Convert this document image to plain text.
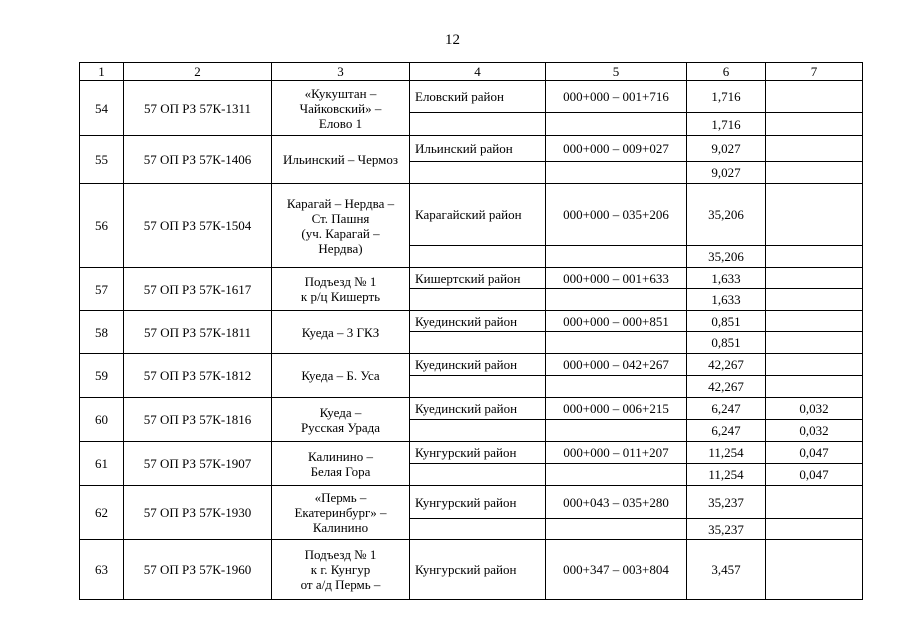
12
1	2	3	4	5	6	7
54	57 ОП РЗ 57К-1311	«Кукуштан –
Чайковский» –
Елово 1	Еловский район	000+000 – 001+716	1,716	
					1,716	
55	57 ОП РЗ 57К-1406	Ильинский – Чермоз	Ильинский район	000+000 – 009+027	9,027	
					9,027	
56	57 ОП РЗ 57К-1504	Карагай – Нердва –
Ст. Пашня
(уч. Карагай –
Нердва)	Карагайский район	000+000 – 035+206	35,206	
					35,206	
57	57 ОП РЗ 57К-1617	Подъезд № 1
к р/ц Кишерть	Кишертский район	000+000 – 001+633	1,633	
					1,633	
58	57 ОП РЗ 57К-1811	Куеда – 3 ГКЗ	Куединский район	000+000 – 000+851	0,851	
					0,851	
59	57 ОП РЗ 57К-1812	Куеда – Б. Уса	Куединский район	000+000 – 042+267	42,267	
					42,267	
60	57 ОП РЗ 57К-1816	Куеда –
Русская Урада	Куединский район	000+000 – 006+215	6,247	0,032
					6,247	0,032
61	57 ОП РЗ 57К-1907	Калинино –
Белая Гора	Кунгурский район	000+000 – 011+207	11,254	0,047
					11,254	0,047
62	57 ОП РЗ 57К-1930	«Пермь –
Екатеринбург» –
Калинино	Кунгурский район	000+043 – 035+280	35,237	
					35,237	
63	57 ОП РЗ 57К-1960	Подъезд № 1
к г. Кунгур
от а/д Пермь –	Кунгурский район	000+347 – 003+804	3,457	
